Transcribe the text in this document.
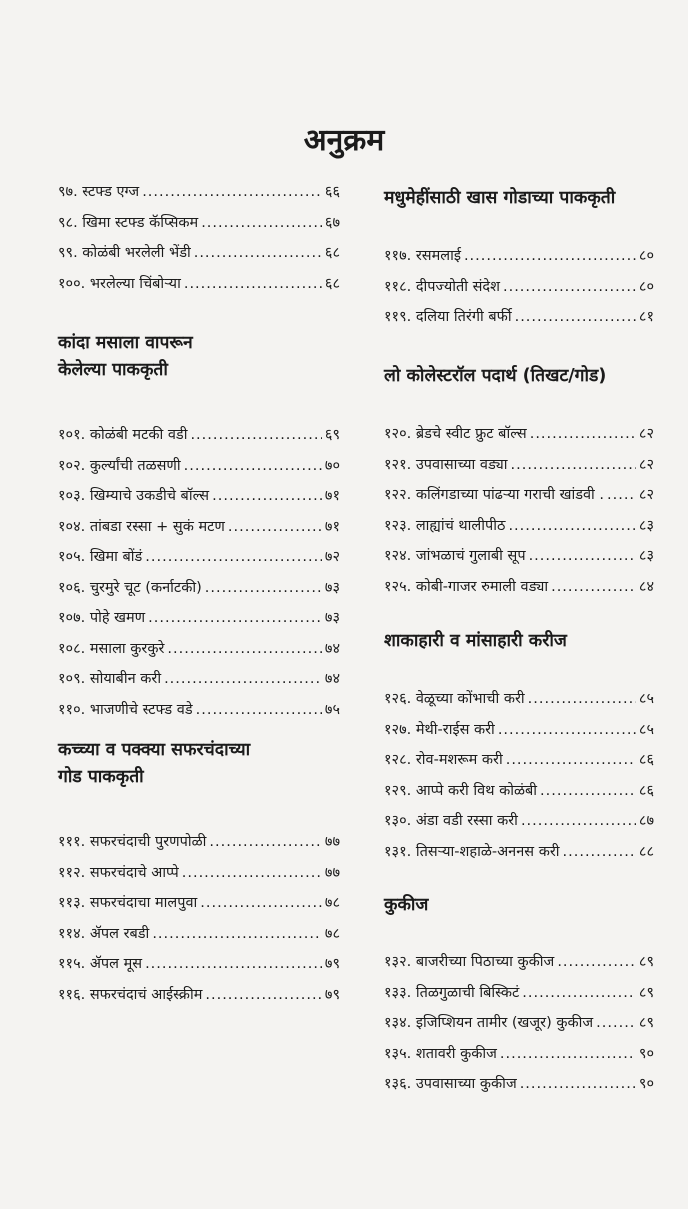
अनुक्रम
९७. स्टफ्ड एग्ज .....	६६
९८. खिमा स्टफ्ड कॅप्सिकम .....	६७
९९. कोळंबी भरलेली भेंडी .....	६८
१००. भरलेल्या चिंबोऱ्या .....	६८
कांदा मसाला वापरून
केलेल्या पाककृती
१०१. कोळंबी मटकी वडी .....	६९
१०२. कुर्ल्यांची तळसणी .....	७०
१०३. खिम्याचे उकडीचे बॉल्स .....	७१
१०४. तांबडा रस्सा + सुकं मटण .....	७१
१०५. खिमा बोंडं .....	७२
१०६. चुरमुरे चूट (कर्नाटकी) .....	७३
१०७. पोहे खमण .....	७३
१०८. मसाला कुरकुरे .....	७४
१०९. सोयाबीन करी .....	७४
११०. भाजणीचे स्टफ्ड वडे .....	७५
कच्च्या व पक्क्या सफरचंदाच्या
गोड पाककृती
१११. सफरचंदाची पुरणपोळी .....	७७
११२. सफरचंदाचे आप्पे .....	७७
११३. सफरचंदाचा मालपुवा .....	७८
११४. ॲपल रबडी .....	७८
११५. ॲपल मूस .....	७९
११६. सफरचंदाचं आईस्क्रीम .....	७९
मधुमेहींसाठी खास गोडाच्या पाककृती
११७. रसमलाई .....	८०
११८. दीपज्योती संदेश .....	८०
११९. दलिया तिरंगी बर्फी .....	८१
लो कोलेस्टरॉल पदार्थ (तिखट/गोड)
१२०. ब्रेडचे स्वीट फ्रुट बॉल्स .....	८२
१२१. उपवासाच्या वड्या .....	८२
१२२. कलिंगडाच्या पांढऱ्या गराची खांडवी . ..... ८२
१२३. लाह्यांचं थालीपीठ .....	८३
१२४. जांभळाचं गुलाबी सूप .....	८३
१२५. कोबी-गाजर रुमाली वड्या .....	८४
शाकाहारी व मांसाहारी करीज
१२६. वेळूच्या कोंभाची करी .....	८५
१२७. मेथी-राईस करी .....	८५
१२८. रोव-मशरूम करी .....	८६
१२९. आप्पे करी विथ कोळंबी .....	८६
१३०. अंडा वडी रस्सा करी .....	८७
१३१. तिसऱ्या-शहाळे-अननस करी .....	८८
कुकीज
१३२. बाजरीच्या पिठाच्या कुकीज .....	८९
१३३. तिळगुळाची बिस्किटं .....	८९
१३४. इजिप्शियन तामीर (खजूर) कुकीज .....	८९
१३५. शतावरी कुकीज .....	९०
१३६. उपवासाच्या कुकीज .....	९०
